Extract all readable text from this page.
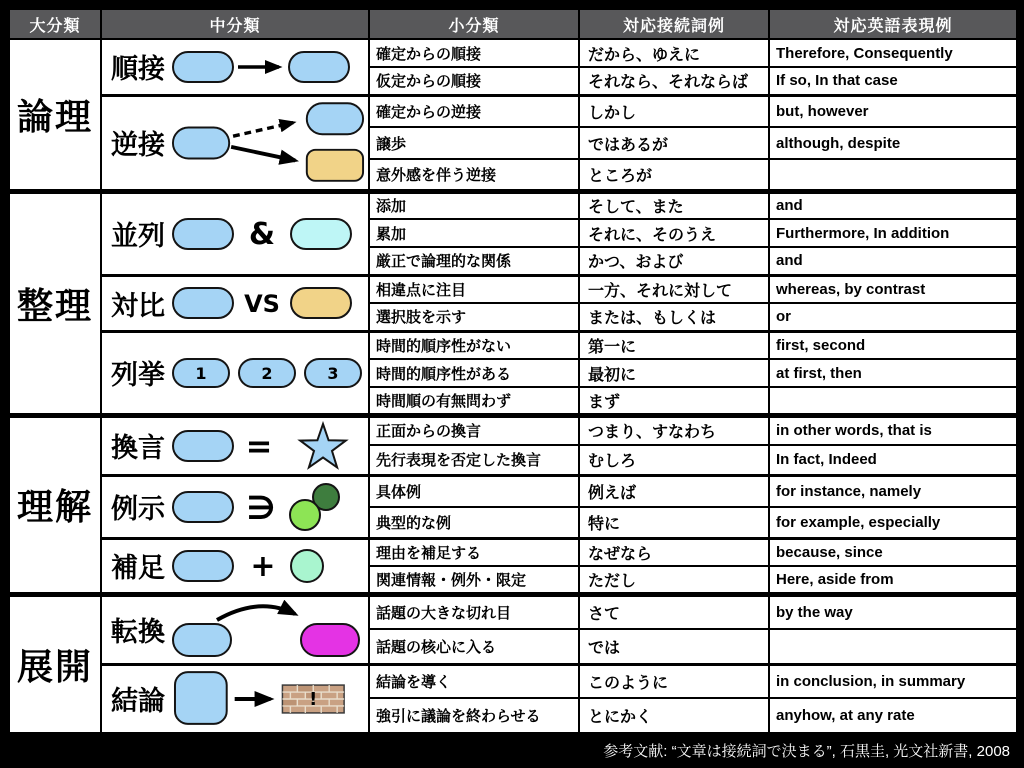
大分類	中分類	小分類	対応接続詞例	対応英語表現例
論理	順接	確定からの順接	だから、ゆえに	Therefore, Consequently
		仮定からの順接	それなら、それならば	If so, In that case

	逆接	確定からの逆接	しかし	but, however
		譲歩	ではあるが	although, despite
		意外感を伴う逆接	ところが	
整理	並列 &	添加	そして、また	and
		累加	それに、そのうえ	Furthermore, In addition
		厳正で論理的な関係	かつ、および	and

	対比 VS	相違点に注目	一方、それに対して	whereas, by contrast
		選択肢を示す	または、もしくは	or

	列挙 1 2 3	時間的順序性がない	第一に	first, second
		時間的順序性がある	最初に	at first, then
		時間順の有無問わず	まず	
理解	換言 =	正面からの換言	つまり、すなわち	in other words, that is
		先行表現を否定した換言	むしろ	In fact, Indeed

	例示 ∋	具体例	例えば	for instance, namely
		典型的な例	特に	for example, especially

	補足 +	理由を補足する	なぜなら	because, since
		関連情報・例外・限定	ただし	Here, aside from
展開	転換	話題の大きな切れ目	さて	by the way
		話題の核心に入る	では	

	結論 !	結論を導く	このように	in conclusion, in summary
		強引に議論を終わらせる	とにかく	anyhow, at any rate
参考文献: “文章は接続詞で決まる”, 石黒圭, 光文社新書, 2008
